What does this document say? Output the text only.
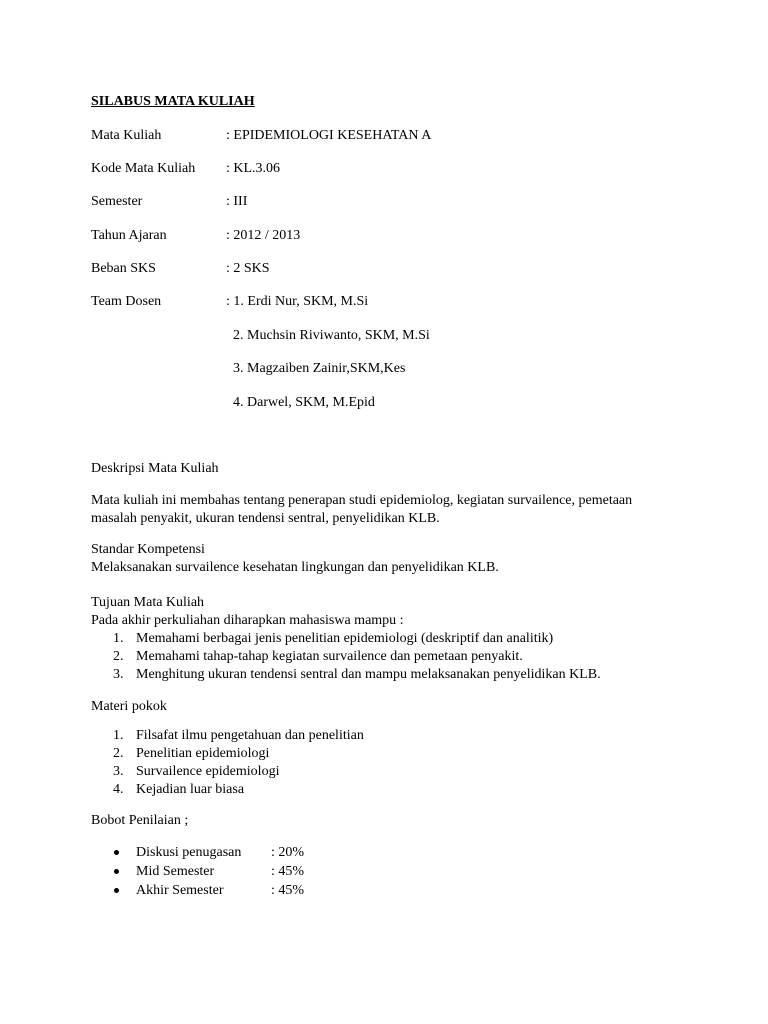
SILABUS MATA KULIAH
Mata Kuliah	: EPIDEMIOLOGI KESEHATAN A
Kode Mata Kuliah : KL.3.06
Semester	: III
Tahun Ajaran	: 2012 / 2013
Beban SKS	: 2 SKS
Team Dosen	: 1. Erdi Nur, SKM, M.Si
2. Muchsin Riviwanto, SKM, M.Si
3. Magzaiben Zainir,SKM,Kes
4. Darwel, SKM, M.Epid
Deskripsi Mata Kuliah
Mata kuliah ini membahas tentang penerapan studi epidemiolog, kegiatan survailence, pemetaan
masalah penyakit, ukuran tendensi sentral, penyelidikan KLB.
Standar Kompetensi
Melaksanakan survailence kesehatan lingkungan dan penyelidikan KLB.
Tujuan Mata Kuliah
Pada akhir perkuliahan diharapkan mahasiswa mampu :
1. Memahami berbagai jenis penelitian epidemiologi (deskriptif dan analitik)
2. Memahami tahap-tahap kegiatan survailence dan pemetaan penyakit.
3. Menghitung ukuran tendensi sentral dan mampu melaksanakan penyelidikan KLB.
Materi pokok
1. Filsafat ilmu pengetahuan dan penelitian
2. Penelitian epidemiologi
3. Survailence epidemiologi
4. Kejadian luar biasa
Bobot Penilaian ;
Diskusi penugasan : 20%
Mid Semester	: 45%
Akhir Semester	: 45%
